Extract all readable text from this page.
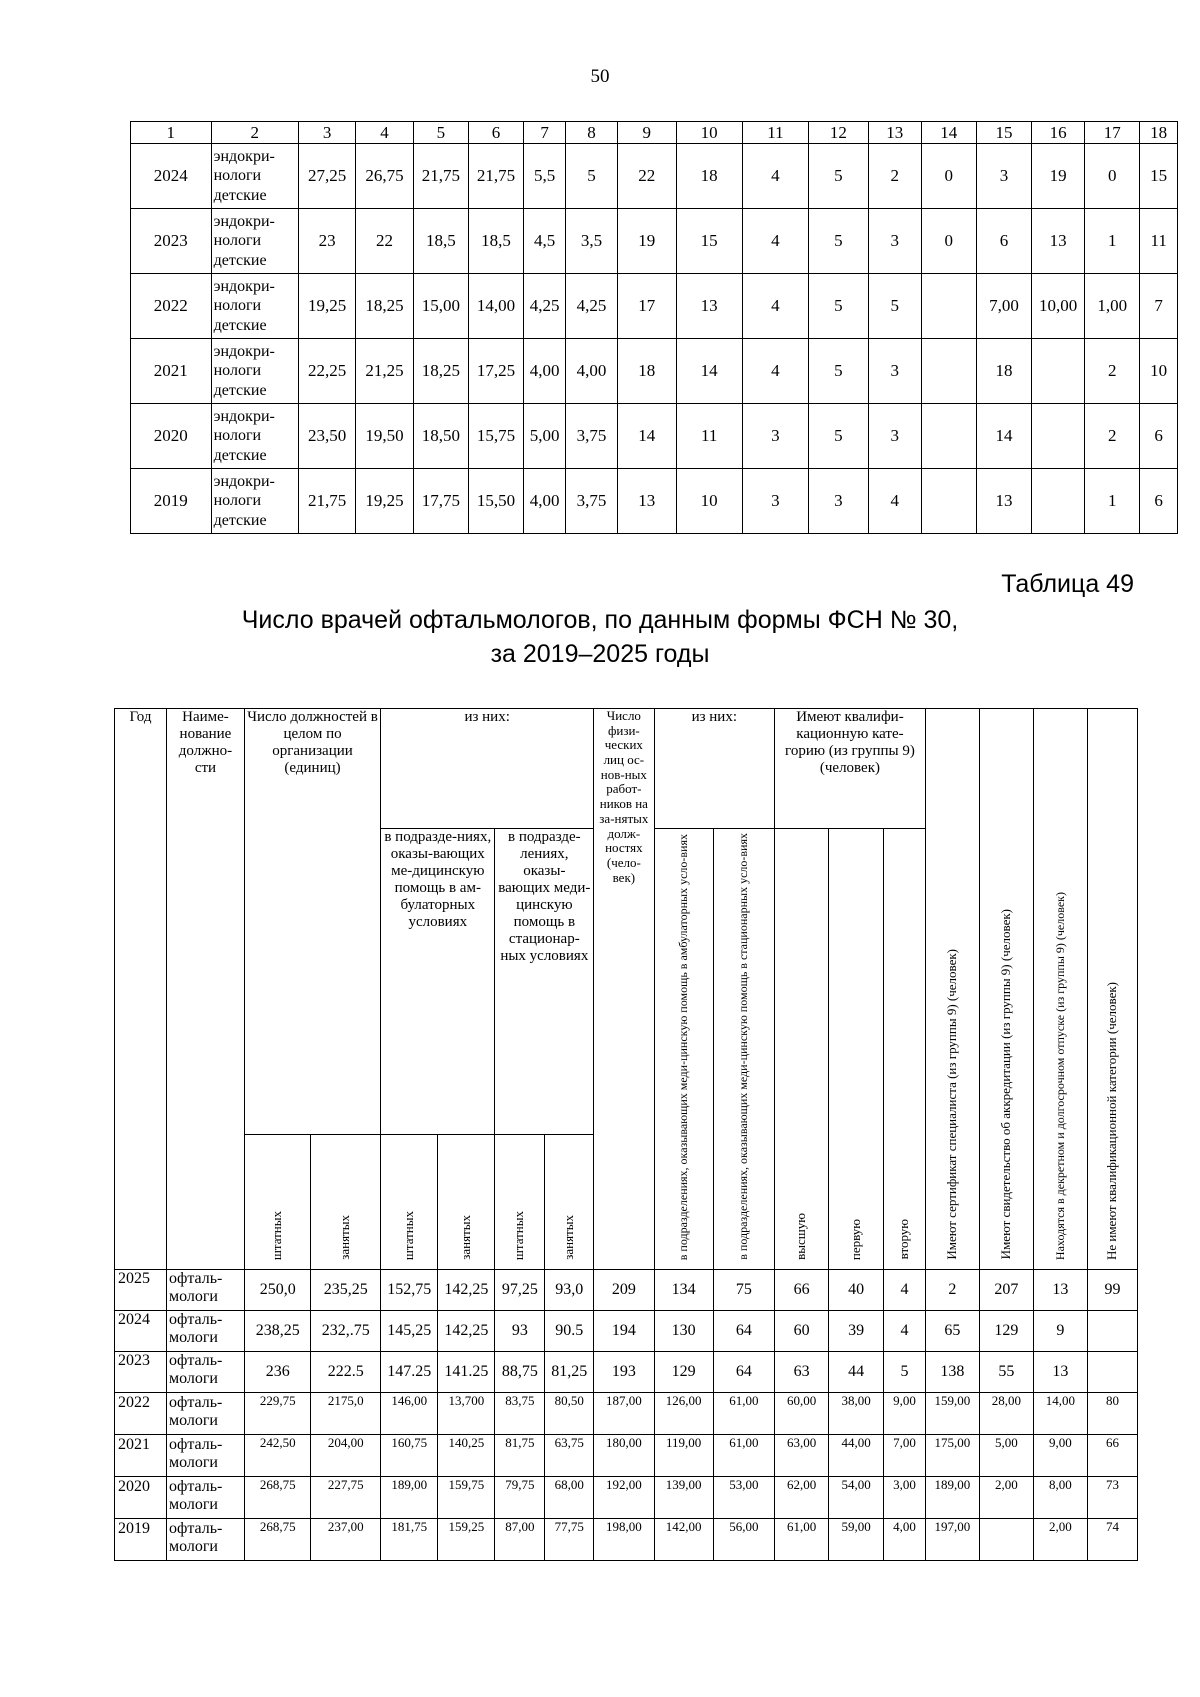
50
1	2	3	4	5	6	7	8	9	10	11	12	13	14	15	16	17	18
2024	эндокри-нологи детские	27,25	26,75	21,75	21,75	5,5	5	22	18	4	5	2	0	3	19	0	15
2023	эндокри-нологи детские	23	22	18,5	18,5	4,5	3,5	19	15	4	5	3	0	6	13	1	11
2022	эндокри-нологи детские	19,25	18,25	15,00	14,00	4,25	4,25	17	13	4	5	5		7,00	10,00	1,00	7
2021	эндокри-нологи детские	22,25	21,25	18,25	17,25	4,00	4,00	18	14	4	5	3		18		2	10
2020	эндокри-нологи детские	23,50	19,50	18,50	15,75	5,00	3,75	14	11	3	5	3		14		2	6
2019	эндокри-нологи детские	21,75	19,25	17,75	15,50	4,00	3,75	13	10	3	3	4		13		1	6
Таблица 49
Число врачей офтальмологов, по данным формы ФСН № 30,
за 2019–2025 годы
Год	Наиме-нование должно-сти	Число должностей в целом по организации (единиц)		из них:				Число физи-ческих лиц ос-нов-ных работ-ников на за-нятых долж-ностях (чело-век)	из них:		Имеют квалифи-кационную кате-горию (из группы 9) (человек)			Имеют сертификат специалиста (из группы 9) (человек)	Имеют свидетельство об аккредитации (из группы 9) (человек)	Находятся в декретном и долгосрочном отпуске (из группы 9) (человек)	Не имеют квалификационной категории (человек)
				в подразде-ниях, оказы-вающих ме-дицинскую помощь в ам-булаторных условиях		в подразде-лениях, оказы-вающих меди-цинскую помощь в стационар-ных условиях			в подразделениях, оказывающих меди-цинскую помощь в амбулаторных усло-виях	в подразделениях, оказывающих меди-цинскую помощь в стационарных усло-виях	высшую	первую	вторую				
		штатных	занятых	штатных	занятых	штатных	занятых										
2025	офталь-мологи	250,0	235,25	152,75	142,25	97,25	93,0	209	134	75	66	40	4	2	207	13	99
2024	офталь-мологи	238,25	232,.75	145,25	142,25	93	90.5	194	130	64	60	39	4	65	129	9	
2023	офталь-мологи	236	222.5	147.25	141.25	88,75	81,25	193	129	64	63	44	5	138	55	13	
2022	офталь-мологи	229,75	2175,0	146,00	13,700	83,75	80,50	187,00	126,00	61,00	60,00	38,00	9,00	159,00	28,00	14,00	80
2021	офталь-мологи	242,50	204,00	160,75	140,25	81,75	63,75	180,00	119,00	61,00	63,00	44,00	7,00	175,00	5,00	9,00	66
2020	офталь-мологи	268,75	227,75	189,00	159,75	79,75	68,00	192,00	139,00	53,00	62,00	54,00	3,00	189,00	2,00	8,00	73
2019	офталь-мологи	268,75	237,00	181,75	159,25	87,00	77,75	198,00	142,00	56,00	61,00	59,00	4,00	197,00		2,00	74
